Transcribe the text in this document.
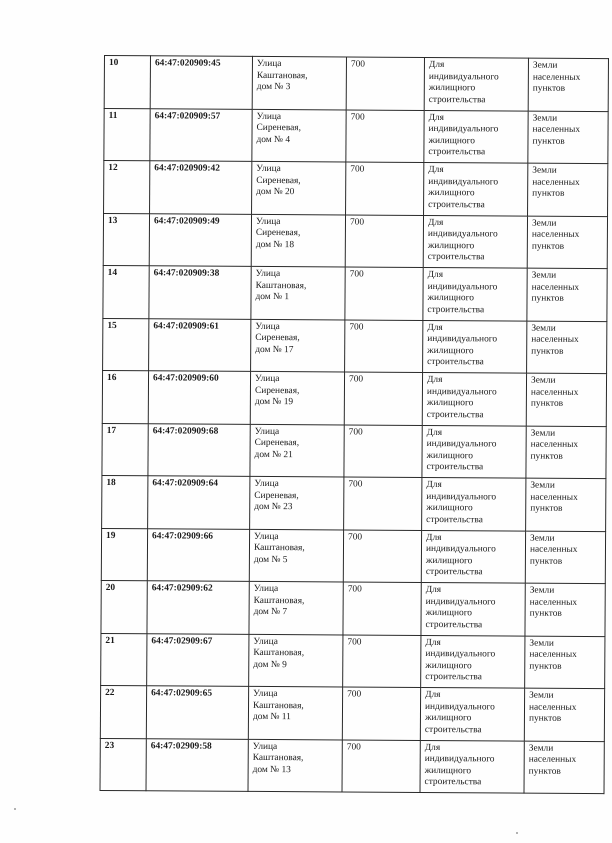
10	64:47:020909:45	Улица
Каштановая,
дом № 3	700	Для
индивидуального
жилищного
строительства	Земли
населенных
пунктов

11	64:47:020909:57	Улица
Сиреневая,
дом № 4	700	Для
индивидуального
жилищного
строительства	Земли
населенных
пунктов

12	64:47:020909:42	Улица
Сиреневая,
дом № 20	700	Для
индивидуального
жилищного
строительства	Земли
населенных
пунктов

13	64:47:020909:49	Улица
Сиреневая,
дом № 18	700	Для
индивидуального
жилищного
строительства	Земли
населенных
пунктов

14	64:47:020909:38	Улица
Каштановая,
дом № 1	700	Для
индивидуального
жилищного
строительства	Земли
населенных
пунктов

15	64:47:020909:61	Улица
Сиреневая,
дом № 17	700	Для
индивидуального
жилищного
строительства	Земли
населенных
пунктов

16	64:47:020909:60	Улица
Сиреневая,
дом № 19	700	Для
индивидуального
жилищного
строительства	Земли
населенных
пунктов

17	64:47:020909:68	Улица
Сиреневая,
дом № 21	700	Для
индивидуального
жилищного
строительства	Земли
населенных
пунктов

18	64:47:020909:64	Улица
Сиреневая,
дом № 23	700	Для
индивидуального
жилищного
строительства	Земли
населенных
пунктов

19	64:47:02909:66	Улица
Каштановая,
дом № 5	700	Для
индивидуального
жилищного
строительства	Земли
населенных
пунктов

20	64:47:02909:62	Улица
Каштановая,
дом № 7	700	Для
индивидуального
жилищного
строительства	Земли
населенных
пунктов

21	64:47:02909:67	Улица
Каштановая,
дом № 9	700	Для
индивидуального
жилищного
строительства	Земли
населенных
пунктов

22	64:47:02909:65	Улица
Каштановая,
дом № 11	700	Для
индивидуального
жилищного
строительства	Земли
населенных
пунктов

23	64:47:02909:58	Улица
Каштановая,
дом № 13	700	Для
индивидуального
жилищного
строительства	Земли
населенных
пунктов
